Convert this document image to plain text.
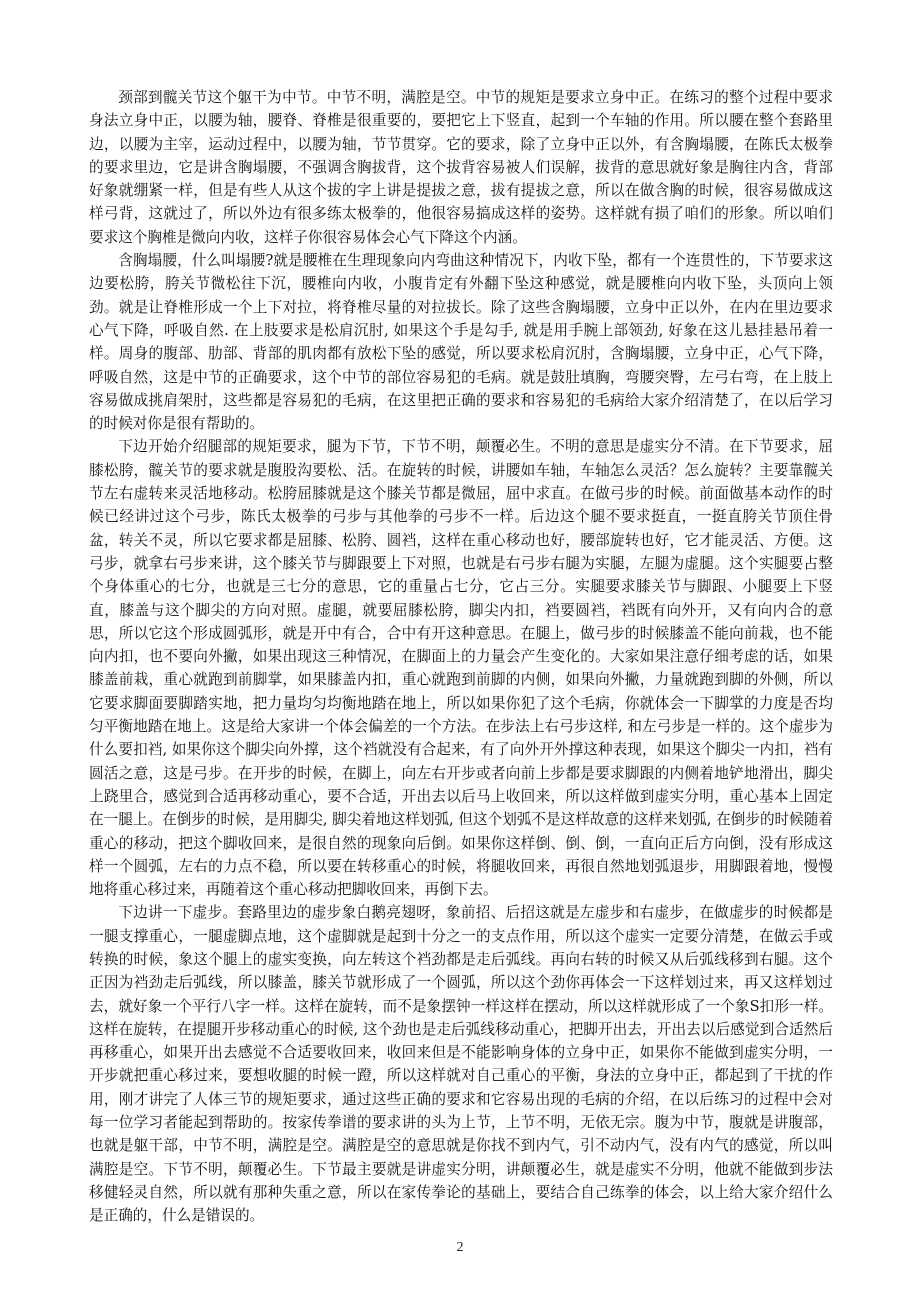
颈部到髋关节这个躯干为中节。中节不明，满腔是空。中节的规矩是要求立身中正。在练习的整个过程中要求身法立身中正，以腰为轴，腰脊、脊椎是很重要的，要把它上下竖直，起到一个车轴的作用。所以腰在整个套路里边，以腰为主宰，运动过程中，以腰为轴，节节贯穿。它的要求，除了立身中正以外，有含胸塌腰，在陈氏太极拳的要求里边，它是讲含胸塌腰，不强调含胸拔背，这个拔背容易被人们误解，拔背的意思就好象是胸往内含，背部好象就绷紧一样，但是有些人从这个拔的字上讲是提拔之意，拔有提拔之意，所以在做含胸的时候，很容易做成这样弓背，这就过了，所以外边有很多练太极拳的，他很容易搞成这样的姿势。这样就有损了咱们的形象。所以咱们要求这个胸椎是微向内收，这样子你很容易体会心气下降这个内涵。

含胸塌腰，什么叫塌腰?就是腰椎在生理现象向内弯曲这种情况下，内收下坠，都有一个连贯性的，下节要求这边要松胯，胯关节微松往下沉，腰椎向内收，小腹肯定有外翻下坠这种感觉，就是腰椎向内收下坠，头顶向上领劲。就是让脊椎形成一个上下对拉，将脊椎尽量的对拉拔长。除了这些含胸塌腰，立身中正以外，在内在里边要求心气下降，呼吸自然. 在上肢要求是松肩沉肘, 如果这个手是勾手, 就是用手腕上部领劲, 好象在这儿悬挂悬吊着一样。周身的腹部、肋部、背部的肌肉都有放松下坠的感觉，所以要求松肩沉肘，含胸塌腰，立身中正，心气下降，呼吸自然，这是中节的正确要求，这个中节的部位容易犯的毛病。就是鼓肚填胸，弯腰突臀，左弓右弯，在上肢上容易做成挑肩架肘，这些都是容易犯的毛病，在这里把正确的要求和容易犯的毛病给大家介绍清楚了，在以后学习的时候对你是很有帮助的。

下边开始介绍腿部的规矩要求，腿为下节，下节不明，颠覆必生。不明的意思是虚实分不清。在下节要求，屈膝松胯，髋关节的要求就是腹股沟要松、活。在旋转的时候，讲腰如车轴，车轴怎么灵活？怎么旋转？主要靠髋关节左右虚转来灵活地移动。松胯屈膝就是这个膝关节都是微屈，屈中求直。在做弓步的时候。前面做基本动作的时候已经讲过这个弓步，陈氏太极拳的弓步与其他拳的弓步不一样。后边这个腿不要求挺直，一挺直胯关节顶住骨盆，转关不灵，所以它要求都是屈膝、松胯、圆裆，这样在重心移动也好，腰部旋转也好，它才能灵活、方便。这弓步，就拿右弓步来讲，这个膝关节与脚跟要上下对照，也就是右弓步右腿为实腿，左腿为虚腿。这个实腿要占整个身体重心的七分，也就是三七分的意思，它的重量占七分，它占三分。实腿要求膝关节与脚跟、小腿要上下竖直，膝盖与这个脚尖的方向对照。虚腿，就要屈膝松胯，脚尖内扣，裆要圆裆，裆既有向外开，又有向内合的意思，所以它这个形成圆弧形，就是开中有合，合中有开这种意思。在腿上，做弓步的时候膝盖不能向前栽，也不能向内扣，也不要向外撇，如果出现这三种情况，在脚面上的力量会产生变化的。大家如果注意仔细考虑的话，如果膝盖前栽，重心就跑到前脚掌，如果膝盖内扣，重心就跑到前脚的内侧，如果向外撇，力量就跑到脚的外侧，所以它要求脚面要脚踏实地，把力量均匀均衡地踏在地上，所以如果你犯了这个毛病，你就体会一下脚掌的力度是否均匀平衡地踏在地上。这是给大家讲一个体会偏差的一个方法。在步法上右弓步这样, 和左弓步是一样的。这个虚步为什么要扣裆, 如果你这个脚尖向外撑，这个裆就没有合起来，有了向外开外撑这种表现，如果这个脚尖一内扣，裆有圆活之意，这是弓步。在开步的时候，在脚上，向左右开步或者向前上步都是要求脚跟的内侧着地铲地滑出，脚尖上跷里合，感觉到合适再移动重心，要不合适，开出去以后马上收回来，所以这样做到虚实分明，重心基本上固定在一腿上。在倒步的时候，是用脚尖, 脚尖着地这样划弧, 但这个划弧不是这样故意的这样来划弧, 在倒步的时候随着重心的移动，把这个脚收回来，是很自然的现象向后倒。如果你这样倒、倒、倒，一直向正后方向倒，没有形成这样一个圆弧，左右的力点不稳，所以要在转移重心的时候，将腿收回来，再很自然地划弧退步，用脚跟着地，慢慢地将重心移过来，再随着这个重心移动把脚收回来，再倒下去。

下边讲一下虚步。套路里边的虚步象白鹅亮翅呀，象前招、后招这就是左虚步和右虚步，在做虚步的时候都是一腿支撑重心，一腿虚脚点地，这个虚脚就是起到十分之一的支点作用，所以这个虚实一定要分清楚，在做云手或转换的时候，象这个腿上的虚实变换，向左转这个裆劲都是走后弧线。再向右转的时候又从后弧线移到右腿。这个正因为裆劲走后弧线，所以膝盖，膝关节就形成了一个圆弧，所以这个劲你再体会一下这样划过来，再又这样划过去，就好象一个平行八字一样。这样在旋转，而不是象摆钟一样这样在摆动，所以这样就形成了一个象S扣形一样。这样在旋转，在提腿开步移动重心的时候, 这个劲也是走后弧线移动重心，把脚开出去，开出去以后感觉到合适然后再移重心，如果开出去感觉不合适要收回来，收回来但是不能影响身体的立身中正，如果你不能做到虚实分明，一开步就把重心移过来，要想收腿的时候一蹬，所以这样就对自己重心的平衡，身法的立身中正，都起到了干扰的作用，刚才讲完了人体三节的规矩要求，通过这些正确的要求和它容易出现的毛病的介绍，在以后练习的过程中会对每一位学习者能起到帮助的。按家传拳谱的要求讲的头为上节，上节不明，无依无宗。腹为中节，腹就是讲腹部，也就是躯干部，中节不明，满腔是空。满腔是空的意思就是你找不到内气，引不动内气，没有内气的感觉，所以叫满腔是空。下节不明，颠覆必生。下节最主要就是讲虚实分明，讲颠覆必生，就是虚实不分明，他就不能做到步法移健轻灵自然，所以就有那种失重之意，所以在家传拳论的基础上，要结合自己练拳的体会，以上给大家介绍什么是正确的，什么是错误的。

2
